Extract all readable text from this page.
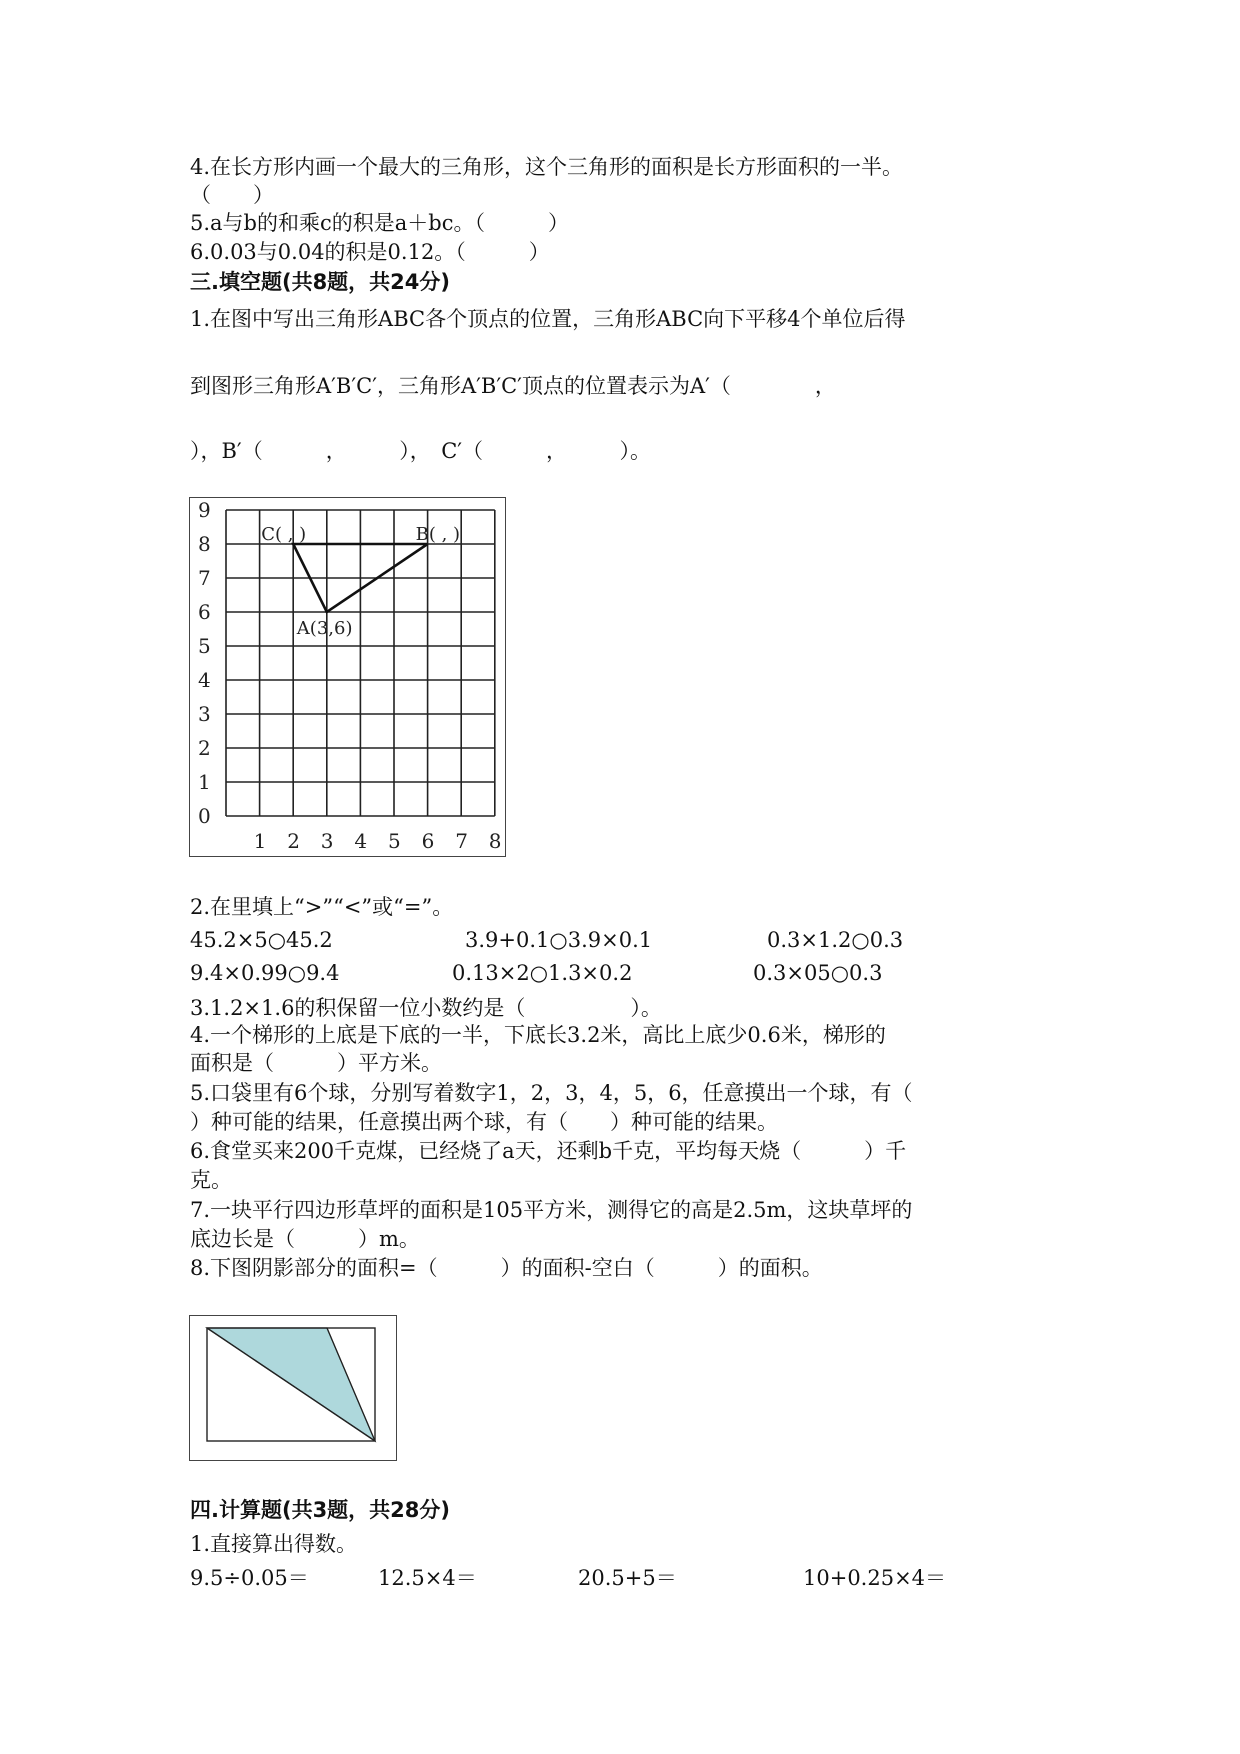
4.在长方形内画一个最大的三角形，这个三角形的面积是长方形面积的一半。
（　　）
5.a与b的和乘c的积是a＋bc。（　　　）
6.0.03与0.04的积是0.12。（　　　）
三.填空题(共8题，共24分)
1.在图中写出三角形ABC各个顶点的位置，三角形ABC向下平移4个单位后得
到图形三角形A′B′C′，三角形A′B′C′顶点的位置表示为A′（　　　　，
），B′（　　　，　　　），　C′（　　　，　　　）。
0
1
2
3
4
5
6
7
8
9
1 2 3 4 5 6 7 8
C( , )	B( , )
A(3,6)
2.在里填上“>”“<”或“=”。
45.2×5○45.2	3.9+0.1○3.9×0.1	0.3×1.2○0.3
9.4×0.99○9.4	0.13×2○1.3×0.2	0.3×05○0.3
3.1.2×1.6的积保留一位小数约是（　　　　　）。
4.一个梯形的上底是下底的一半，下底长3.2米，高比上底少0.6米，梯形的
面积是（　　　）平方米。
5.口袋里有6个球，分别写着数字1，2，3，4，5，6，任意摸出一个球，有（
）种可能的结果，任意摸出两个球，有（　　）种可能的结果。
6.食堂买来200千克煤，已经烧了a天，还剩b千克，平均每天烧（　　　）千
克。
7.一块平行四边形草坪的面积是105平方米，测得它的高是2.5m，这块草坪的
底边长是（　　　）m。
8.下图阴影部分的面积=（　　　）的面积-空白（　　　）的面积。
四.计算题(共3题，共28分)
1.直接算出得数。
9.5÷0.05＝	12.5×4＝	20.5+5＝	10+0.25×4＝
